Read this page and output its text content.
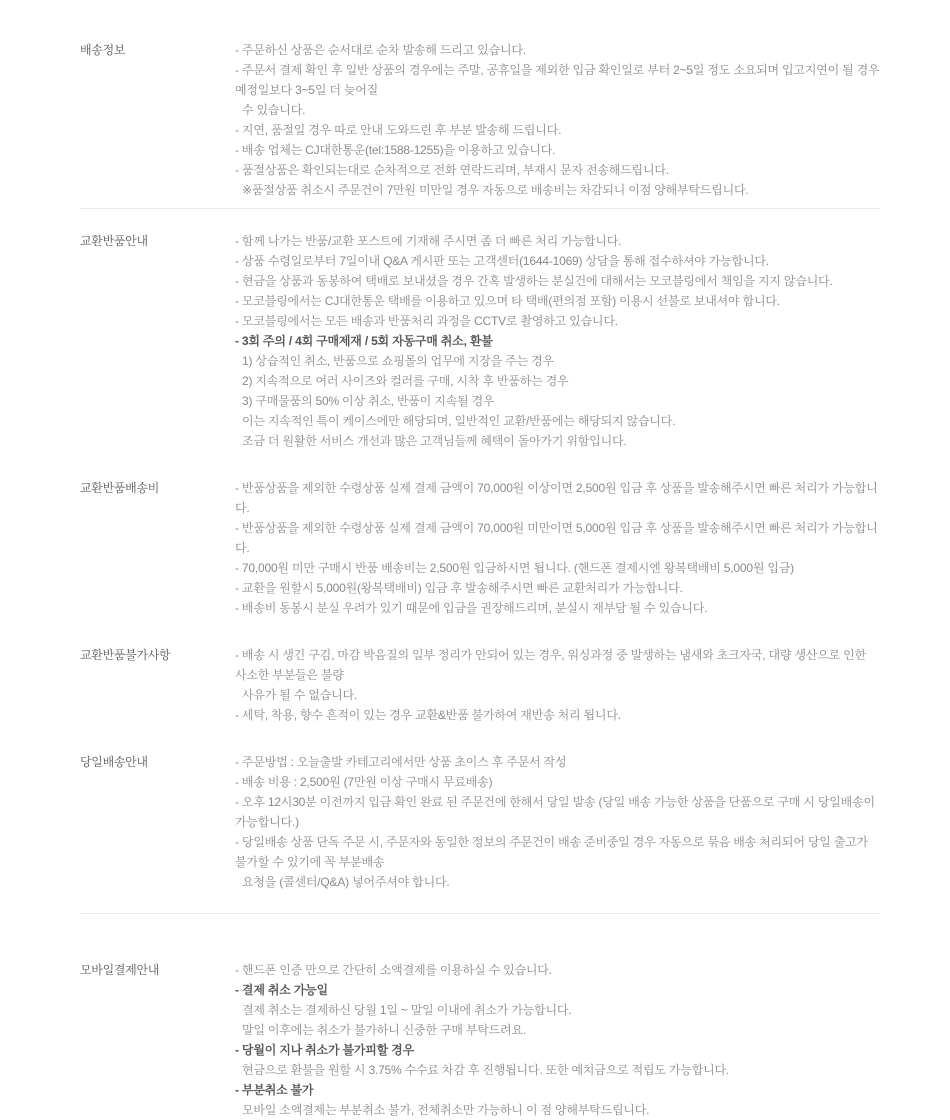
배송정보	- 주문하신 상품은 순서대로 순차 발송해 드리고 있습니다.

- 주문서 결제 확인 후 일반 상품의 경우에는 주말, 공휴일을 제외한 입금 확인일로 부터 2~5일 정도 소요되며 입고지연이 될 경우 예정일보다 3~5일 더 늦어질

수 있습니다.

- 지연, 품절일 경우 따로 안내 도와드린 후 부분 발송해 드립니다.

- 배송 업체는 CJ대한통운(tel:1588-1255)을 이용하고 있습니다.

- 품절상품은 확인되는대로 순차적으로 전화 연락드리며, 부재시 문자 전송해드립니다.

※품절상품 취소시 주문건이 7만원 미만일 경우 자동으로 배송비는 차감되니 이점 양해부탁드립니다.

교환반품안내	- 함께 나가는 반품/교환 포스트에 기재해 주시면 좀 더 빠른 처리 가능합니다.

- 상품 수령일로부터 7일이내 Q&A 게시판 또는 고객센터(1644-1069) 상담을 통해 접수하셔야 가능합니다.

- 현금을 상품과 동봉하여 택배로 보내셨을 경우 간혹 발생하는 분실건에 대해서는 모코블링에서 책임을 지지 않습니다.

- 모코블링에서는 CJ대한통운 택배를 이용하고 있으며 타 택배(편의점 포함) 이용시 선불로 보내셔야 합니다.

- 모코블링에서는 모든 배송과 반품처리 과정을 CCTV로 촬영하고 있습니다.

- 3회 주의 / 4회 구매제재 / 5회 자동구매 취소, 환불

1) 상습적인 취소, 반품으로 쇼핑몰의 업무에 지장을 주는 경우

2) 지속적으로 여러 사이즈와 컬러를 구매, 시착 후 반품하는 경우

3) 구매물품의 50% 이상 취소, 반품이 지속될 경우

이는 지속적인 특이 케이스에만 해당되며, 일반적인 교환/반품에는 해당되지 않습니다.

조금 더 원활한 서비스 개선과 많은 고객님들께 혜택이 돌아가기 위함입니다.

교환반품배송비	- 반품상품을 제외한 수령상품 실제 결제 금액이 70,000원 이상이면 2,500원 입금 후 상품을 발송해주시면 빠른 처리가 가능합니다.

- 반품상품을 제외한 수령상품 실제 결제 금액이 70,000원 미만이면 5,000원 입금 후 상품을 발송해주시면 빠른 처리가 가능합니다.

- 70,000원 미만 구매시 반품 배송비는 2,500원 입금하시면 됩니다. (핸드폰 결제시엔 왕복택배비 5,000원 입금)

- 교환을 원할시 5,000원(왕복택배비) 입금 후 발송해주시면 빠른 교환처리가 가능합니다.

- 배송비 동봉시 분실 우려가 있기 때문에 입금을 권장해드리며, 분실시 재부담 될 수 있습니다.

교환반품불가사항	- 배송 시 생긴 구김, 마감 박음질의 일부 정리가 안되어 있는 경우, 워싱과정 중 발생하는 냄새와 초크자국, 대량 생산으로 인한 사소한 부분들은 불량

사유가 될 수 없습니다.

- 세탁, 착용, 향수 흔적이 있는 경우 교환&반품 불가하여 재반송 처리 됩니다.

당일배송안내	- 주문방법 : 오늘출발 카테고리에서만 상품 초이스 후 주문서 작성

- 배송 비용 : 2,500원 (7만원 이상 구매시 무료배송)

- 오후 12시30분 이전까지 입금 확인 완료 된 주문건에 한해서 당일 발송 (당일 배송 가능한 상품을 단품으로 구매 시 당일배송이 가능합니다.)

- 당일배송 상품 단독 주문 시, 주문자와 동일한 정보의 주문건이 배송 준비중일 경우 자동으로 묶음 배송 처리되어 당일 출고가 불가할 수 있기에 꼭 부분배송

요청을 (콜센터/Q&A) 넣어주셔야 합니다.

모바일결제안내	- 핸드폰 인증 만으로 간단히 소액결제를 이용하실 수 있습니다.

- 결제 취소 가능일

결제 취소는 결제하신 당월 1일 ~ 말일 이내에 취소가 가능합니다.

말일 이후에는 취소가 불가하니 신중한 구매 부탁드려요.

- 당월이 지나 취소가 불가피할 경우

현금으로 환불을 원할 시 3.75% 수수료 차감 후 진행됩니다. 또한 예치금으로 적립도 가능합니다.

- 부분취소 불가

모바일 소액결제는 부분취소 불가, 전체취소만 가능하니 이 점 양해부탁드립니다.
